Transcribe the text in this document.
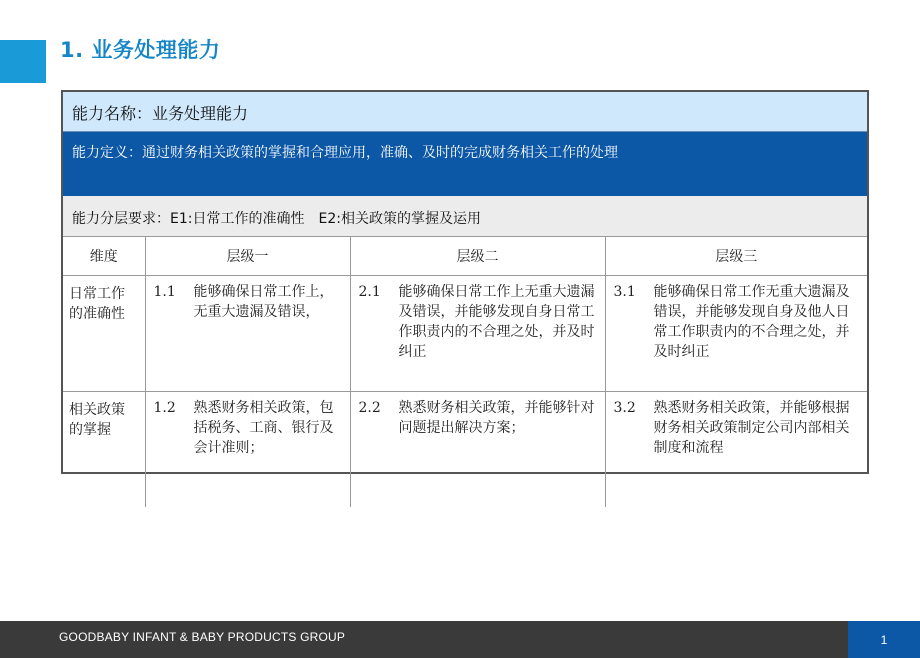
1. 业务处理能力
能力名称：业务处理能力
能力定义：通过财务相关政策的掌握和合理应用，准确、及时的完成财务相关工作的处理
能力分层要求：E1:日常工作的准确性　E2:相关政策的掌握及运用
维度	层级一	层级二	层级三
日常工作的准确性	1.1 能够确保日常工作上，无重大遗漏及错误，	2.1 能够确保日常工作上无重大遗漏及错误，并能够发现自身日常工作职责内的不合理之处，并及时纠正	3.1 能够确保日常工作无重大遗漏及错误，并能够发现自身及他人日常工作职责内的不合理之处，并及时纠正

相关政策的掌握	1.2 熟悉财务相关政策，包括税务、工商、银行及会计准则；	2.2 熟悉财务相关政策，并能够针对问题提出解决方案；	3.2 熟悉财务相关政策，并能够根据财务相关政策制定公司内部相关制度和流程
GOODBABY INFANT & BABY PRODUCTS GROUP	1
